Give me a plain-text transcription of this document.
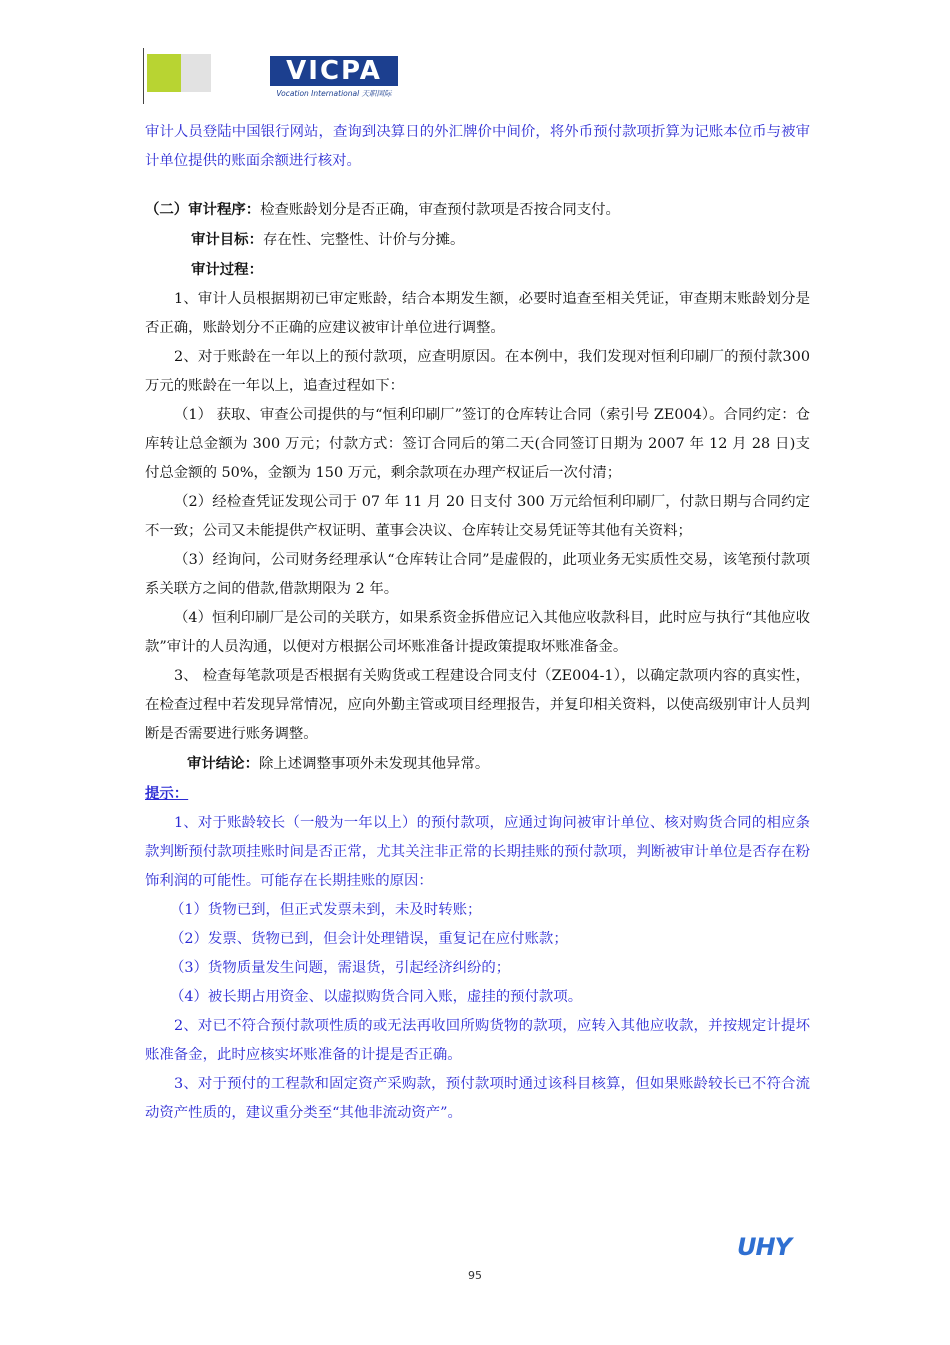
VICPA
Vocation International 天职国际

审计人员登陆中国银行网站，查询到决算日的外汇牌价中间价，将外币预付款项折算为记账本位币与被审计单位提供的账面余额进行核对。

（二）审计程序：检查账龄划分是否正确，审查预付款项是否按合同支付。

审计目标：存在性、完整性、计价与分摊。

审计过程：

1、审计人员根据期初已审定账龄，结合本期发生额，必要时追查至相关凭证，审查期末账龄划分是否正确，账龄划分不正确的应建议被审计单位进行调整。

2、对于账龄在一年以上的预付款项，应查明原因。在本例中，我们发现对恒利印刷厂的预付款300万元的账龄在一年以上，追查过程如下：

（1） 获取、审查公司提供的与“恒利印刷厂”签订的仓库转让合同（索引号 ZE004）。合同约定：仓库转让总金额为 300 万元；付款方式：签订合同后的第二天(合同签订日期为 2007 年 12 月 28 日)支付总金额的 50%，金额为 150 万元，剩余款项在办理产权证后一次付清；

（2）经检查凭证发现公司于 07 年 11 月 20 日支付 300 万元给恒利印刷厂，付款日期与合同约定不一致；公司又未能提供产权证明、董事会决议、仓库转让交易凭证等其他有关资料；

（3）经询问，公司财务经理承认“仓库转让合同”是虚假的，此项业务无实质性交易，该笔预付款项系关联方之间的借款,借款期限为 2 年。

（4）恒利印刷厂是公司的关联方，如果系资金拆借应记入其他应收款科目，此时应与执行“其他应收款”审计的人员沟通，以便对方根据公司坏账准备计提政策提取坏账准备金。

3、 检查每笔款项是否根据有关购货或工程建设合同支付（ZE004-1），以确定款项内容的真实性，在检查过程中若发现异常情况，应向外勤主管或项目经理报告，并复印相关资料，以使高级别审计人员判断是否需要进行账务调整。

审计结论：除上述调整事项外未发现其他异常。

提示：

1、对于账龄较长（一般为一年以上）的预付款项，应通过询问被审计单位、核对购货合同的相应条款判断预付款项挂账时间是否正常，尤其关注非正常的长期挂账的预付款项，判断被审计单位是否存在粉饰利润的可能性。可能存在长期挂账的原因：

（1）货物已到，但正式发票未到，未及时转账；

（2）发票、货物已到，但会计处理错误，重复记在应付账款；

（3）货物质量发生问题，需退货，引起经济纠纷的；

（4）被长期占用资金、以虚拟购货合同入账，虚挂的预付款项。

2、对已不符合预付款项性质的或无法再收回所购货物的款项，应转入其他应收款，并按规定计提坏账准备金，此时应核实坏账准备的计提是否正确。

3、对于预付的工程款和固定资产采购款，预付款项时通过该科目核算，但如果账龄较长已不符合流动资产性质的，建议重分类至“其他非流动资产”。

UHY
95
